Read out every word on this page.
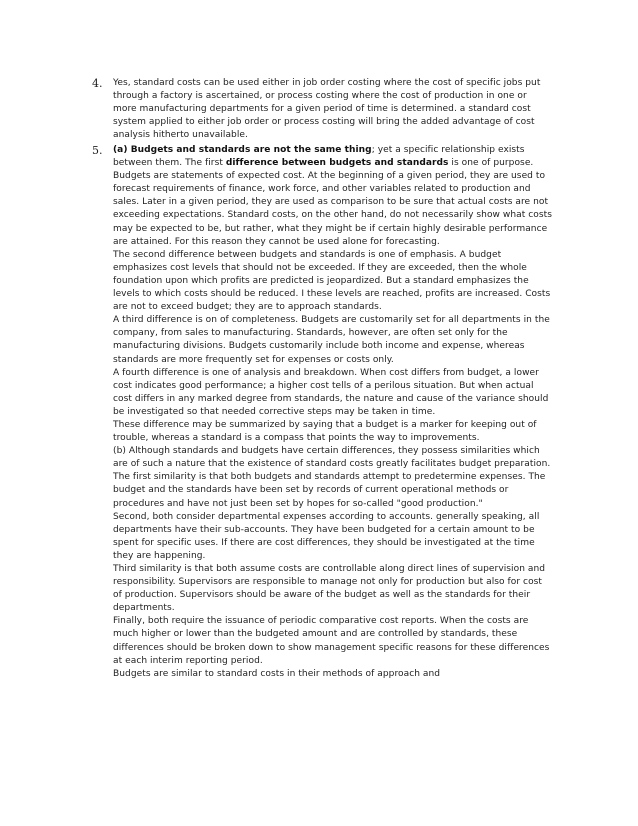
4. Yes, standard costs can be used either in job order costing where the cost of specific jobs put through a factory is ascertained, or process costing where the cost of production in one or more manufacturing departments for a given period of time is determined. a standard cost system applied to either job order or process costing will bring the added advantage of cost analysis hitherto unavailable.

5. (a) Budgets and standards are not the same thing; yet a specific relationship exists between them. The first difference between budgets and standards is one of purpose. Budgets are statements of expected cost. At the beginning of a given period, they are used to forecast requirements of finance, work force, and other variables related to production and sales. Later in a given period, they are used as comparison to be sure that actual costs are not exceeding expectations. Standard costs, on the other hand, do not necessarily show what costs may be expected to be, but rather, what they might be if certain highly desirable performance are attained. For this reason they cannot be used alone for forecasting.

The second difference between budgets and standards is one of emphasis. A budget emphasizes cost levels that should not be exceeded. If they are exceeded, then the whole foundation upon which profits are predicted is jeopardized. But a standard emphasizes the levels to which costs should be reduced. I these levels are reached, profits are increased. Costs are not to exceed budget; they are to approach standards.

A third difference is on of completeness. Budgets are customarily set for all departments in the company, from sales to manufacturing. Standards, however, are often set only for the manufacturing divisions. Budgets customarily include both income and expense, whereas standards are more frequently set for expenses or costs only.

A fourth difference is one of analysis and breakdown. When cost differs from budget, a lower cost indicates good performance; a higher cost tells of a perilous situation. But when actual cost differs in any marked degree from standards, the nature and cause of the variance should be investigated so that needed corrective steps may be taken in time.

These difference may be summarized by saying that a budget is a marker for keeping out of trouble, whereas a standard is a compass that points the way to improvements.

(b) Although standards and budgets have certain differences, they possess similarities which are of such a nature that the existence of standard costs greatly facilitates budget preparation. The first similarity is that both budgets and standards attempt to predetermine expenses. The budget and the standards have been set by records of current operational methods or procedures and have not just been set by hopes for so-called "good production."

Second, both consider departmental expenses according to accounts. generally speaking, all departments have their sub-accounts. They have been budgeted for a certain amount to be spent for specific uses. If there are cost differences, they should be investigated at the time they are happening.

Third similarity is that both assume costs are controllable along direct lines of supervision and responsibility. Supervisors are responsible to manage not only for production but also for cost of production. Supervisors should be aware of the budget as well as the standards for their departments.

Finally, both require the issuance of periodic comparative cost reports. When the costs are much higher or lower than the budgeted amount and are controlled by standards, these differences should be broken down to show management specific reasons for these differences at each interim reporting period.

Budgets are similar to standard costs in their methods of approach and
